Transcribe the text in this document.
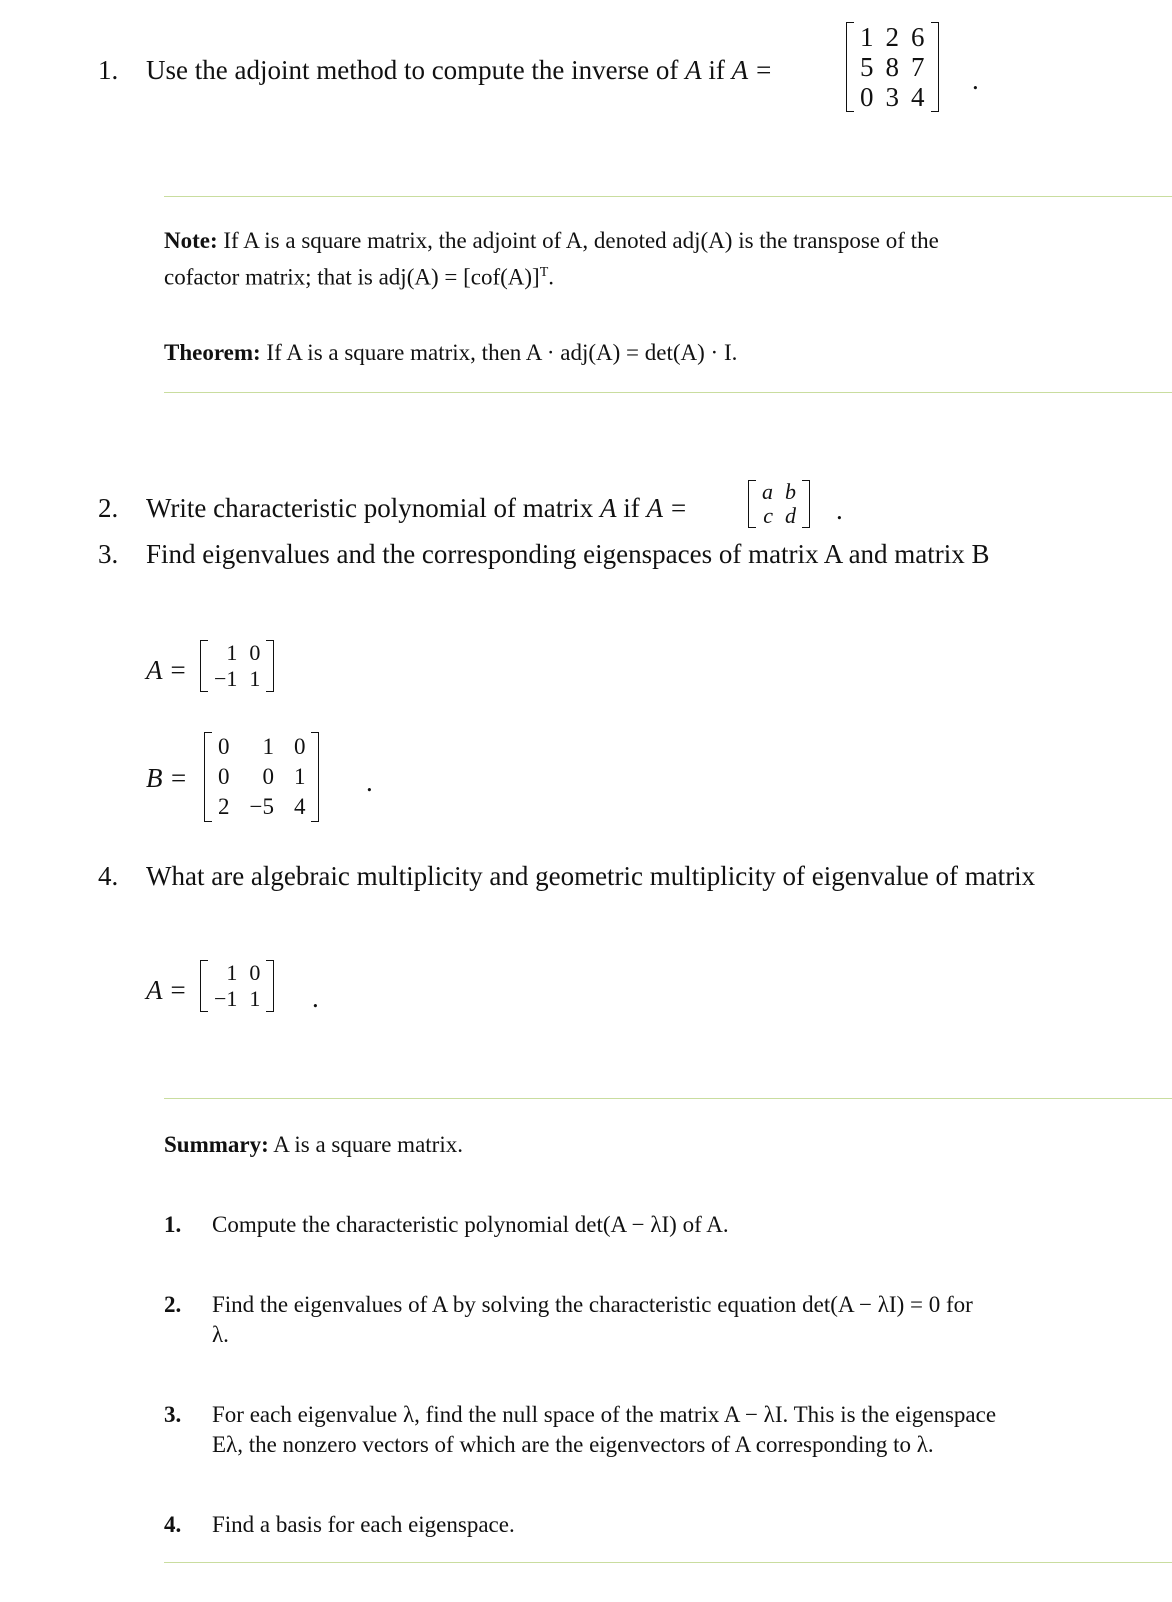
1. Use the adjoint method to compute the inverse of A if A =
1	2	6
5	8	7
0	3	4
.
Note: If A is a square matrix, the adjoint of A, denoted adj(A) is the transpose of the
cofactor matrix; that is $adj(A) = [cof(A)]^T$.
Theorem: If A is a square matrix, then A · adj(A) = det(A) · I.
2. Write characteristic polynomial of matrix A if A =
a	b
c	d .
3. Find eigenvalues and the corresponding eigenspaces of matrix A and matrix B
A =
1	0
−1	1
B =
0	1	0
0	0	1
2	−5	4
.
4. What are algebraic multiplicity and geometric multiplicity of eigenvalue of matrix
A =
1	0
−1	1 .
Summary: A is a square matrix.
1. Compute the characteristic polynomial det(A − λI) of A.
2. Find the eigenvalues of A by solving the characteristic equation det(A − λI) = 0 for
λ.
3. For each eigenvalue λ, find the null space of the matrix A − λI. This is the eigenspace
Eλ, the nonzero vectors of which are the eigenvectors of A corresponding to λ.
4. Find a basis for each eigenspace.
